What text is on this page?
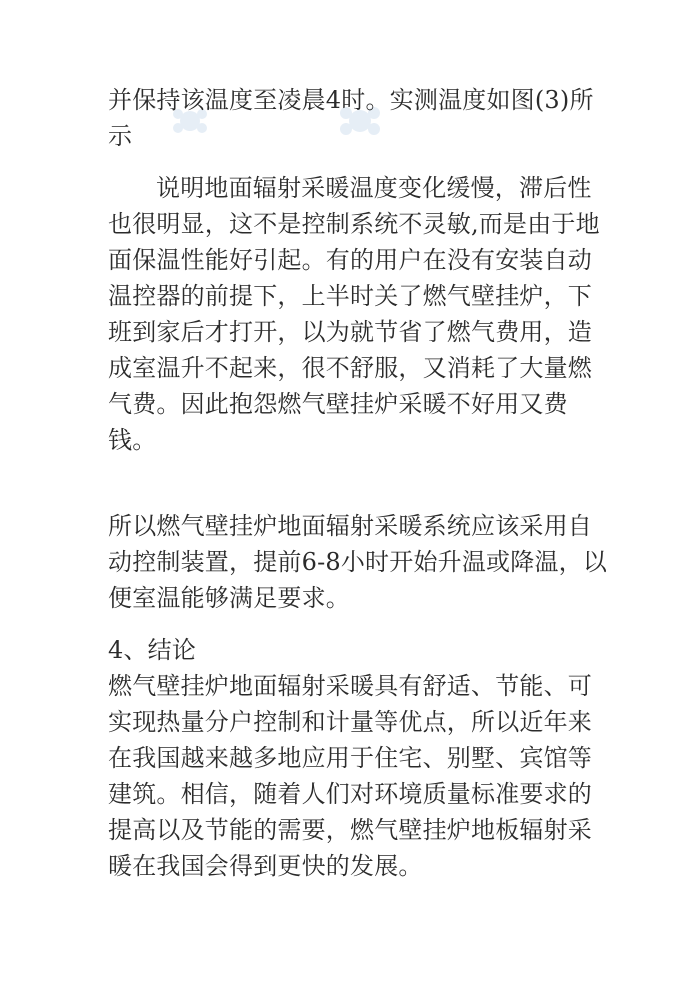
并保持该温度至凌晨4时。实测温度如图(3)所示

说明地面辐射采暖温度变化缓慢，滞后性也很明显，这不是控制系统不灵敏,而是由于地面保温性能好引起。有的用户在没有安装自动温控器的前提下，上半时关了燃气壁挂炉，下班到家后才打开，以为就节省了燃气费用，造成室温升不起来，很不舒服，又消耗了大量燃气费。因此抱怨燃气壁挂炉采暖不好用又费钱。

所以燃气壁挂炉地面辐射采暖系统应该采用自动控制装置，提前6-8小时开始升温或降温，以便室温能够满足要求。

4、结论

燃气壁挂炉地面辐射采暖具有舒适、节能、可实现热量分户控制和计量等优点，所以近年来在我国越来越多地应用于住宅、别墅、宾馆等建筑。相信，随着人们对环境质量标准要求的提高以及节能的需要，燃气壁挂炉地板辐射采暖在我国会得到更快的发展。
